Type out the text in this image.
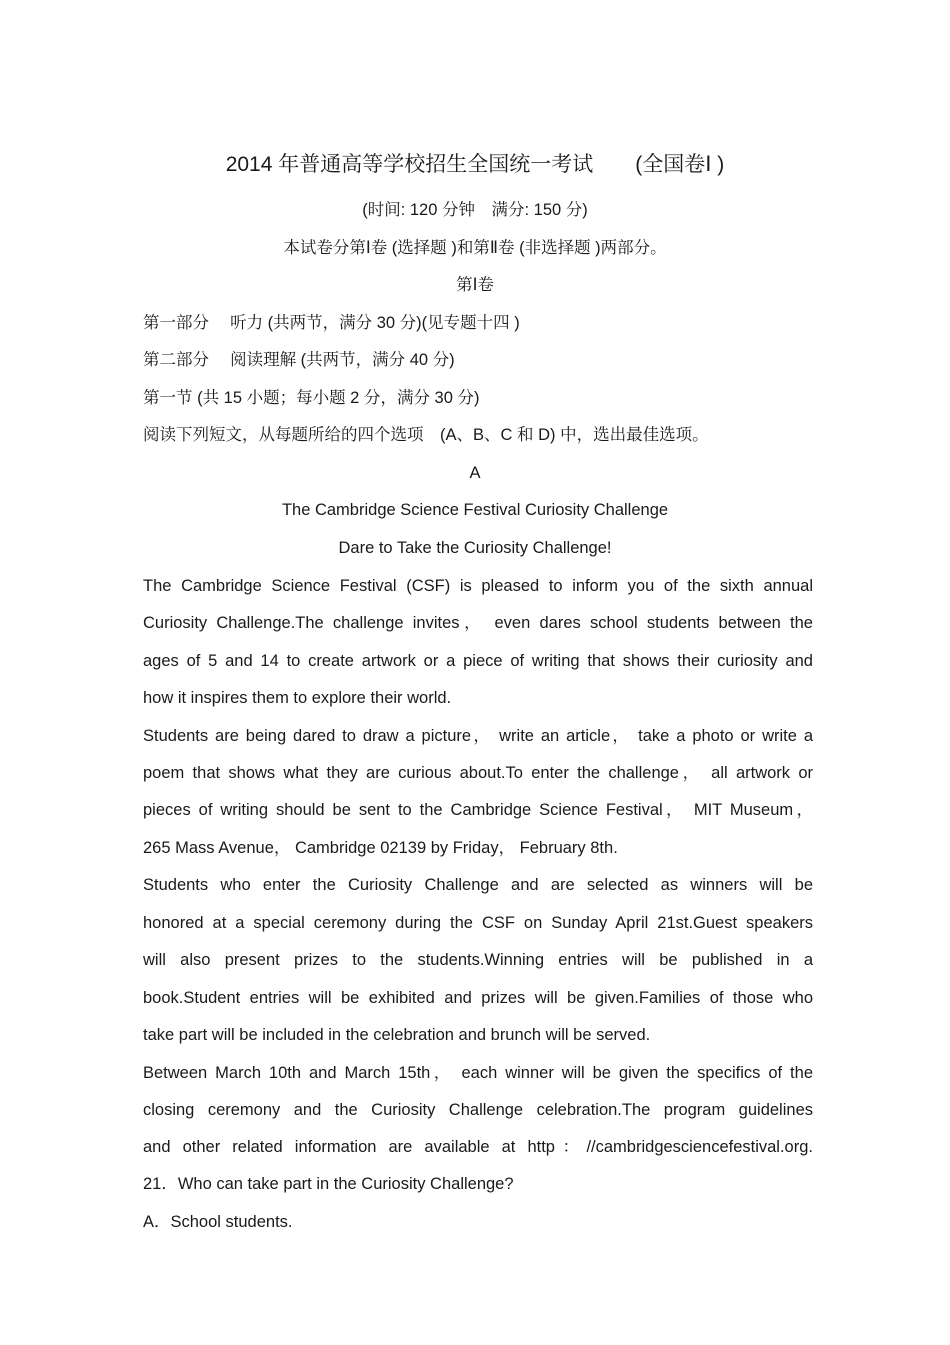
2014 年普通高等学校招生全国统一考试　　(全国卷Ⅰ )
(时间: 120 分钟　满分: 150 分)
本试卷分第Ⅰ卷 (选择题 )和第Ⅱ卷 (非选择题 )两部分。
第Ⅰ卷
第一部分　 听力 (共两节，满分 30 分)(见专题十四 )
第二部分　 阅读理解 (共两节，满分 40 分)
第一节 (共 15 小题；每小题 2 分，满分 30 分)
阅读下列短文，从每题所给的四个选项　(A、B、C 和 D) 中，选出最佳选项。
A
The Cambridge Science Festival Curiosity Challenge
Dare to Take the Curiosity Challenge!
The Cambridge Science Festival (CSF) is pleased to inform you of the sixth annual
Curiosity Challenge.The challenge invites， even dares school students between the
ages of 5 and 14 to create artwork or a piece of writing that shows their curiosity and
how it inspires them to explore their world.
Students are being dared to draw a picture， write an article， take a photo or write a
poem that shows what they are curious about.To enter the challenge， all artwork or
pieces of writing should be sent to the Cambridge Science Festival， MIT Museum，
265 Mass Avenue， Cambridge 02139 by Friday， February 8th.
Students who enter the Curiosity Challenge and are selected as winners will be
honored at a special ceremony during the CSF on Sunday April 21st.Guest speakers
will also present prizes to the students.Winning entries will be published in a
book.Student entries will be exhibited and prizes will be given.Families of those who
take part will be included in the celebration and brunch will be served.
Between March 10th and March 15th， each winner will be given the specifics of the
closing ceremony and the Curiosity Challenge celebration.The program guidelines
and other related information are available at http：//cambridgesciencefestival.org.
21．Who can take part in the Curiosity Challenge?
A．School students.
